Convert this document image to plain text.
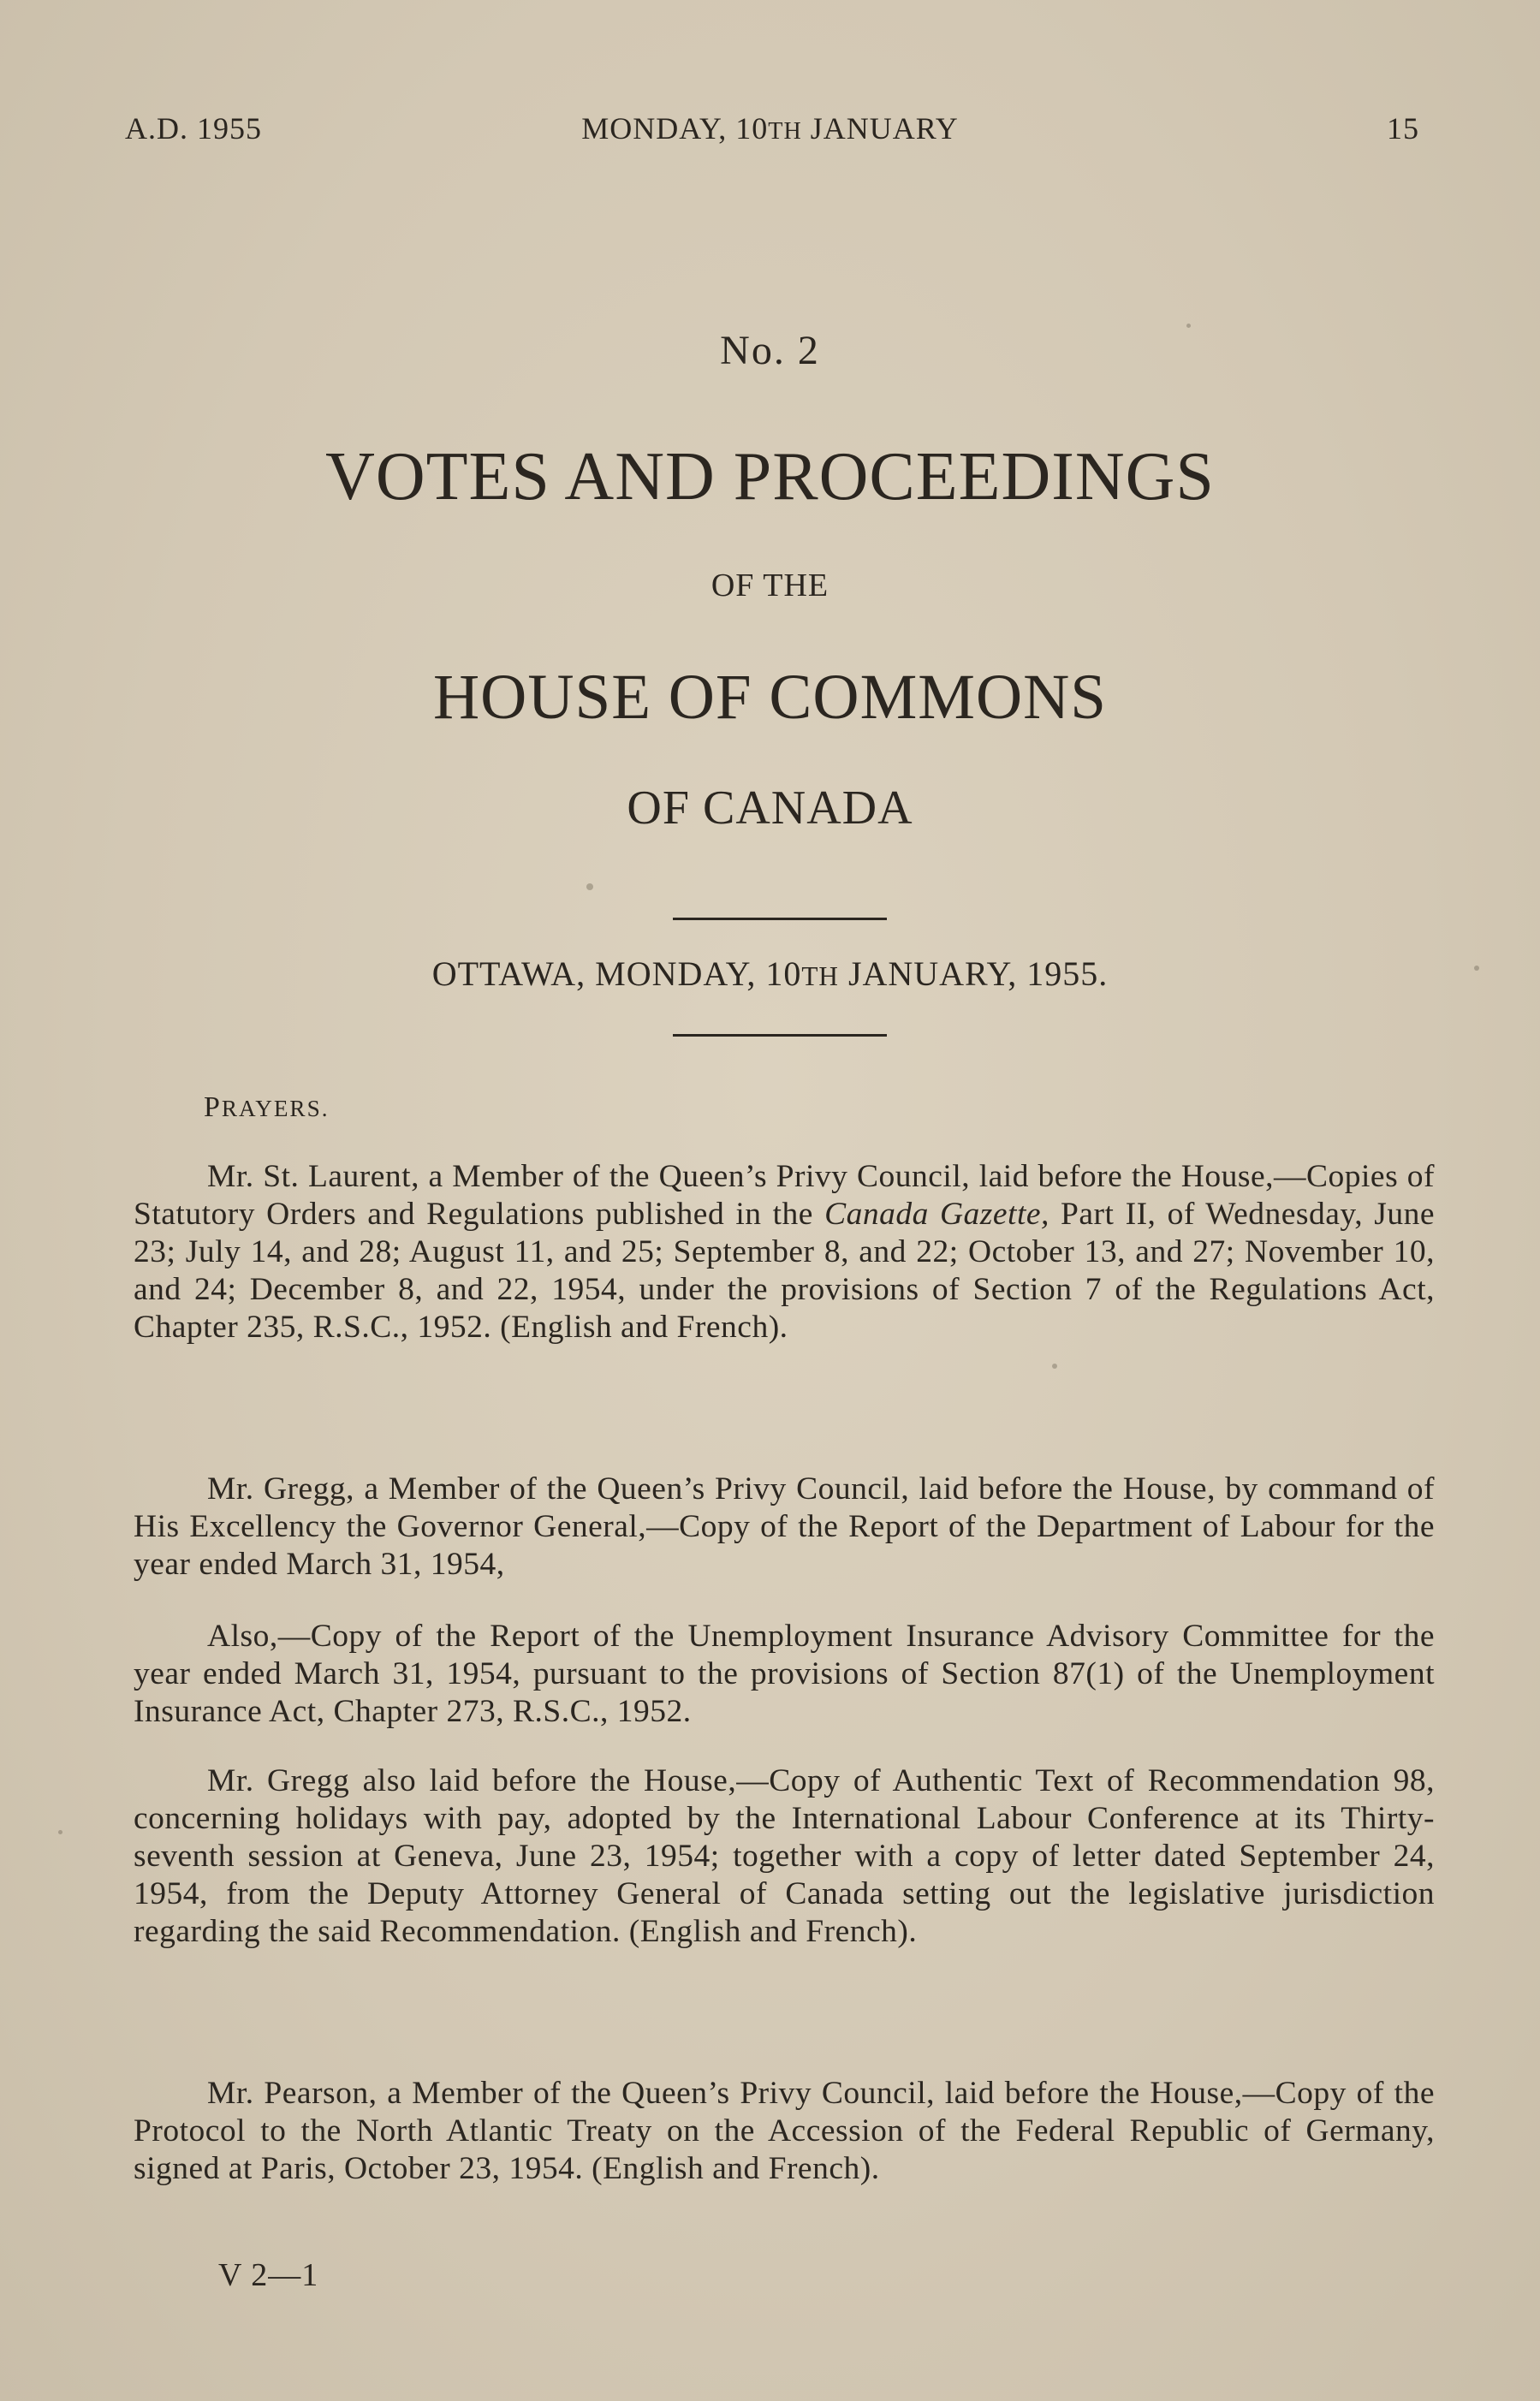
A.D. 1955	MONDAY, 10TH JANUARY	15
No. 2
VOTES AND PROCEEDINGS
OF THE
HOUSE OF COMMONS
OF CANADA
OTTAWA, MONDAY, 10TH JANUARY, 1955.
PRAYERS.
Mr. St. Laurent, a Member of the Queen’s Privy Council, laid before the House,—Copies of Statutory Orders and Regulations published in the Canada Gazette, Part II, of Wednesday, June 23; July 14, and 28; August 11, and 25; September 8, and 22; October 13, and 27; November 10, and 24; December 8, and 22, 1954, under the provisions of Section 7 of the Regulations Act, Chapter 235, R.S.C., 1952. (English and French).
Mr. Gregg, a Member of the Queen’s Privy Council, laid before the House, by command of His Excellency the Governor General,—Copy of the Report of the Department of Labour for the year ended March 31, 1954,
Also,—Copy of the Report of the Unemployment Insurance Advisory Committee for the year ended March 31, 1954, pursuant to the provisions of Section 87(1) of the Unemployment Insurance Act, Chapter 273, R.S.C., 1952.
Mr. Gregg also laid before the House,—Copy of Authentic Text of Recommendation 98, concerning holidays with pay, adopted by the International Labour Conference at its Thirty-seventh session at Geneva, June 23, 1954; together with a copy of letter dated September 24, 1954, from the Deputy Attorney General of Canada setting out the legislative jurisdiction regarding the said Recommendation. (English and French).
Mr. Pearson, a Member of the Queen’s Privy Council, laid before the House,—Copy of the Protocol to the North Atlantic Treaty on the Accession of the Federal Republic of Germany, signed at Paris, October 23, 1954. (English and French).
V 2—1
